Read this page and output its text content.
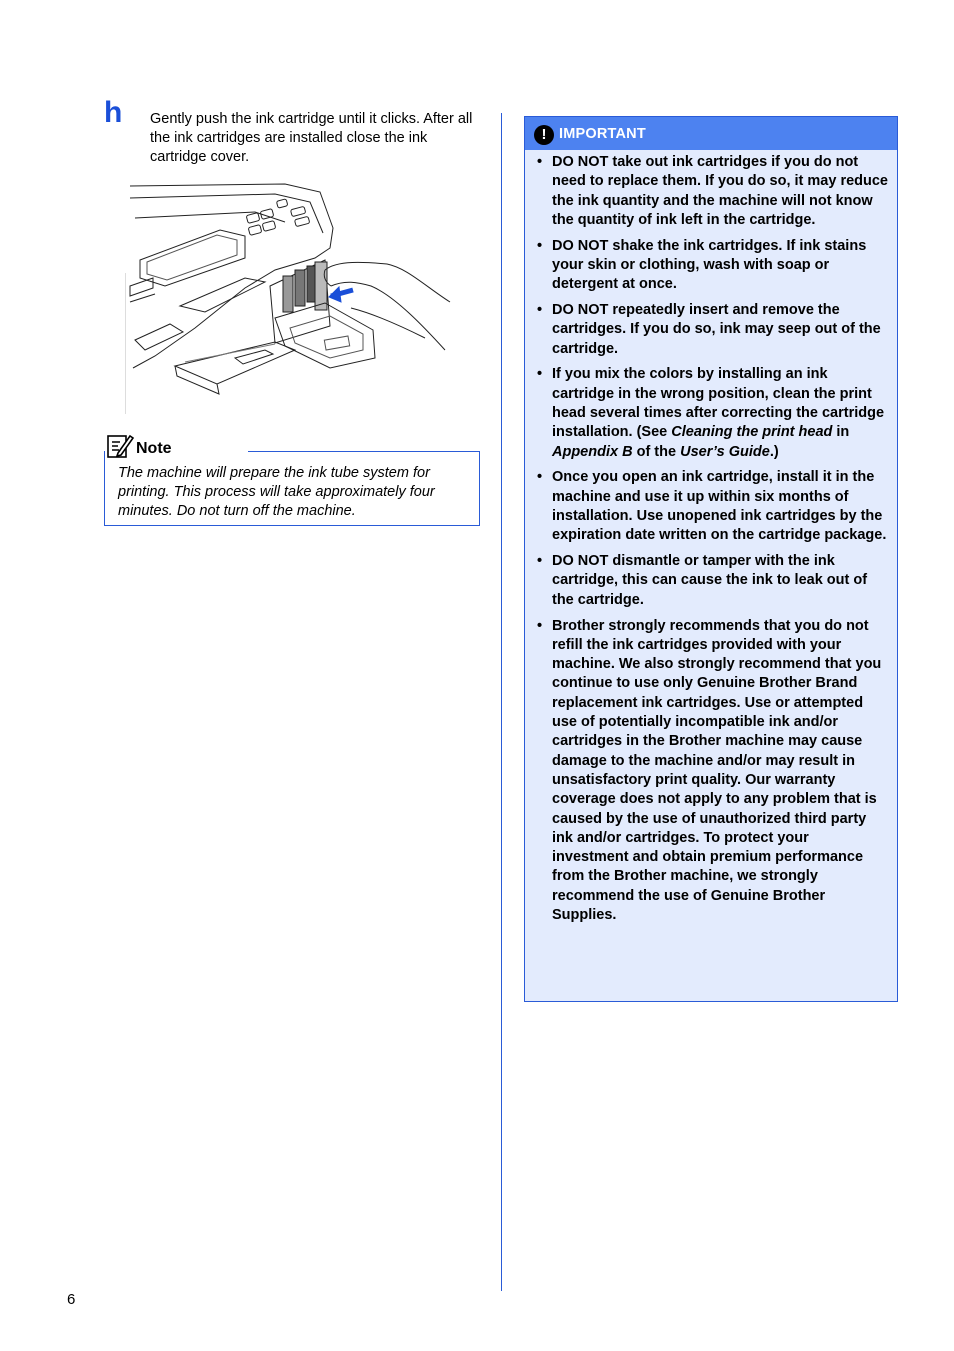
h Gently push the ink cartridge until it clicks. After all the ink cartridges are installed close the ink cartridge cover.
Note
The machine will prepare the ink tube system for printing. This process will take approximately four minutes. Do not turn off the machine.
! IMPORTANT
• DO NOT take out ink cartridges if you do not need to replace them. If you do so, it may reduce the ink quantity and the machine will not know the quantity of ink left in the cartridge.
• DO NOT shake the ink cartridges. If ink stains your skin or clothing, wash with soap or detergent at once.
• DO NOT repeatedly insert and remove the cartridges. If you do so, ink may seep out of the cartridge.
• If you mix the colors by installing an ink cartridge in the wrong position, clean the print head several times after correcting the cartridge installation. (See Cleaning the print head in Appendix B of the User’s Guide.)
• Once you open an ink cartridge, install it in the machine and use it up within six months of installation. Use unopened ink cartridges by the expiration date written on the cartridge package.
• DO NOT dismantle or tamper with the ink cartridge, this can cause the ink to leak out of the cartridge.
• Brother strongly recommends that you do not refill the ink cartridges provided with your machine. We also strongly recommend that you continue to use only Genuine Brother Brand replacement ink cartridges. Use or attempted use of potentially incompatible ink and/or cartridges in the Brother machine may cause damage to the machine and/or may result in unsatisfactory print quality. Our warranty coverage does not apply to any problem that is caused by the use of unauthorized third party ink and/or cartridges. To protect your investment and obtain premium performance from the Brother machine, we strongly recommend the use of Genuine Brother Supplies.
6
